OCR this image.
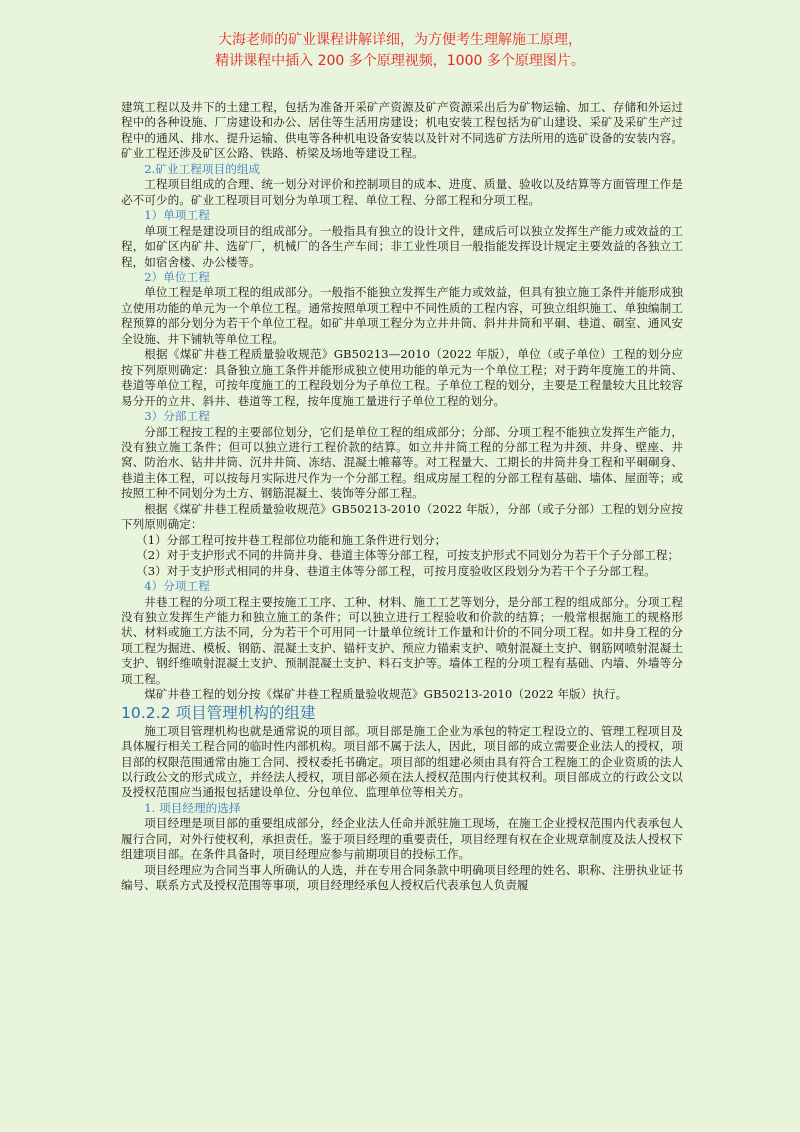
大海老师的矿业课程讲解详细，为方便考生理解施工原理，
精讲课程中插入 200 多个原理视频，1000 多个原理图片。

建筑工程以及井下的土建工程，包括为准备开采矿产资源及矿产资源采出后为矿物运输、加工、存储和外运过程中的各种设施、厂房建设和办公、居住等生活用房建设；机电安装工程包括为矿山建设、采矿及采矿生产过程中的通风、排水、提升运输、供电等各种机电设备安装以及针对不同选矿方法所用的选矿设备的安装内容。矿业工程还涉及矿区公路、铁路、桥梁及场地等建设工程。

2.矿业工程项目的组成

工程项目组成的合理、统一划分对评价和控制项目的成本、进度、质量、验收以及结算等方面管理工作是必不可少的。矿业工程项目可划分为单项工程、单位工程、分部工程和分项工程。

1）单项工程

单项工程是建设项目的组成部分。一般指具有独立的设计文件，建成后可以独立发挥生产能力或效益的工程，如矿区内矿井、选矿厂，机械厂的各生产车间；非工业性项目一般指能发挥设计规定主要效益的各独立工程，如宿舍楼、办公楼等。

2）单位工程

单位工程是单项工程的组成部分。一般指不能独立发挥生产能力或效益，但具有独立施工条件并能形成独立使用功能的单元为一个单位工程。通常按照单项工程中不同性质的工程内容，可独立组织施工、单独编制工程预算的部分划分为若干个单位工程。如矿井单项工程分为立井井筒、斜井井筒和平硐、巷道、硐室、通风安全设施、井下铺轨等单位工程。

根据《煤矿井巷工程质量验收规范》GB50213—2010（2022 年版），单位（或子单位）工程的划分应按下列原则确定：具备独立施工条件并能形成独立使用功能的单元为一个单位工程；对于跨年度施工的井筒、巷道等单位工程，可按年度施工的工程段划分为子单位工程。子单位工程的划分，主要是工程量较大且比较容易分开的立井、斜井、巷道等工程，按年度施工量进行子单位工程的划分。

3）分部工程

分部工程按工程的主要部位划分，它们是单位工程的组成部分；分部、分项工程不能独立发挥生产能力，没有独立施工条件；但可以独立进行工程价款的结算。如立井井筒工程的分部工程为井颈、井身、壁座、井窝、防治水、钻井井筒、沉井井筒、冻结、混凝土帷幕等。对工程量大、工期长的井筒井身工程和平硐硐身、巷道主体工程，可以按每月实际进尺作为一个分部工程。组成房屋工程的分部工程有基础、墙体、屋面等；或按照工种不同划分为土方、钢筋混凝土、装饰等分部工程。

根据《煤矿井巷工程质量验收规范》GB50213-2010（2022 年版），分部（或子分部）工程的划分应按下列原则确定：

（1）分部工程可按井巷工程部位功能和施工条件进行划分；

（2）对于支护形式不同的井筒井身、巷道主体等分部工程，可按支护形式不同划分为若干个子分部工程；

（3）对于支护形式相同的井身、巷道主体等分部工程，可按月度验收区段划分为若干个子分部工程。

4）分项工程

井巷工程的分项工程主要按施工工序、工种、材料、施工工艺等划分，是分部工程的组成部分。分项工程没有独立发挥生产能力和独立施工的条件；可以独立进行工程验收和价款的结算；一般常根据施工的规格形状、材料或施工方法不同，分为若干个可用同一计量单位统计工作量和计价的不同分项工程。如井身工程的分项工程为掘进、模板、钢筋、混凝土支护、锚杆支护、预应力锚索支护、喷射混凝土支护、钢筋网喷射混凝土支护、钢纤维喷射混凝土支护、预制混凝土支护、料石支护等。墙体工程的分项工程有基础、内墙、外墙等分项工程。

煤矿井巷工程的划分按《煤矿井巷工程质量验收规范》GB50213-2010（2022 年版）执行。

10.2.2 项目管理机构的组建

施工项目管理机构也就是通常说的项目部。项目部是施工企业为承包的特定工程设立的、管理工程项目及具体履行相关工程合同的临时性内部机构。项目部不属于法人，因此，项目部的成立需要企业法人的授权，项目部的权限范围通常由施工合同、授权委托书确定。项目部的组建必须由具有符合工程施工的企业资质的法人以行政公文的形式成立，并经法人授权，项目部必须在法人授权范围内行使其权利。项目部成立的行政公文以及授权范围应当通报包括建设单位、分包单位、监理单位等相关方。

1. 项目经理的选择

项目经理是项目部的重要组成部分，经企业法人任命并派驻施工现场，在施工企业授权范围内代表承包人履行合同，对外行使权利，承担责任。鉴于项目经理的重要责任，项目经理有权在企业规章制度及法人授权下组建项目部。在条件具备时，项目经理应参与前期项目的投标工作。

项目经理应为合同当事人所确认的人选，并在专用合同条款中明确项目经理的姓名、职称、注册执业证书编号、联系方式及授权范围等事项，项目经理经承包人授权后代表承包人负责履
